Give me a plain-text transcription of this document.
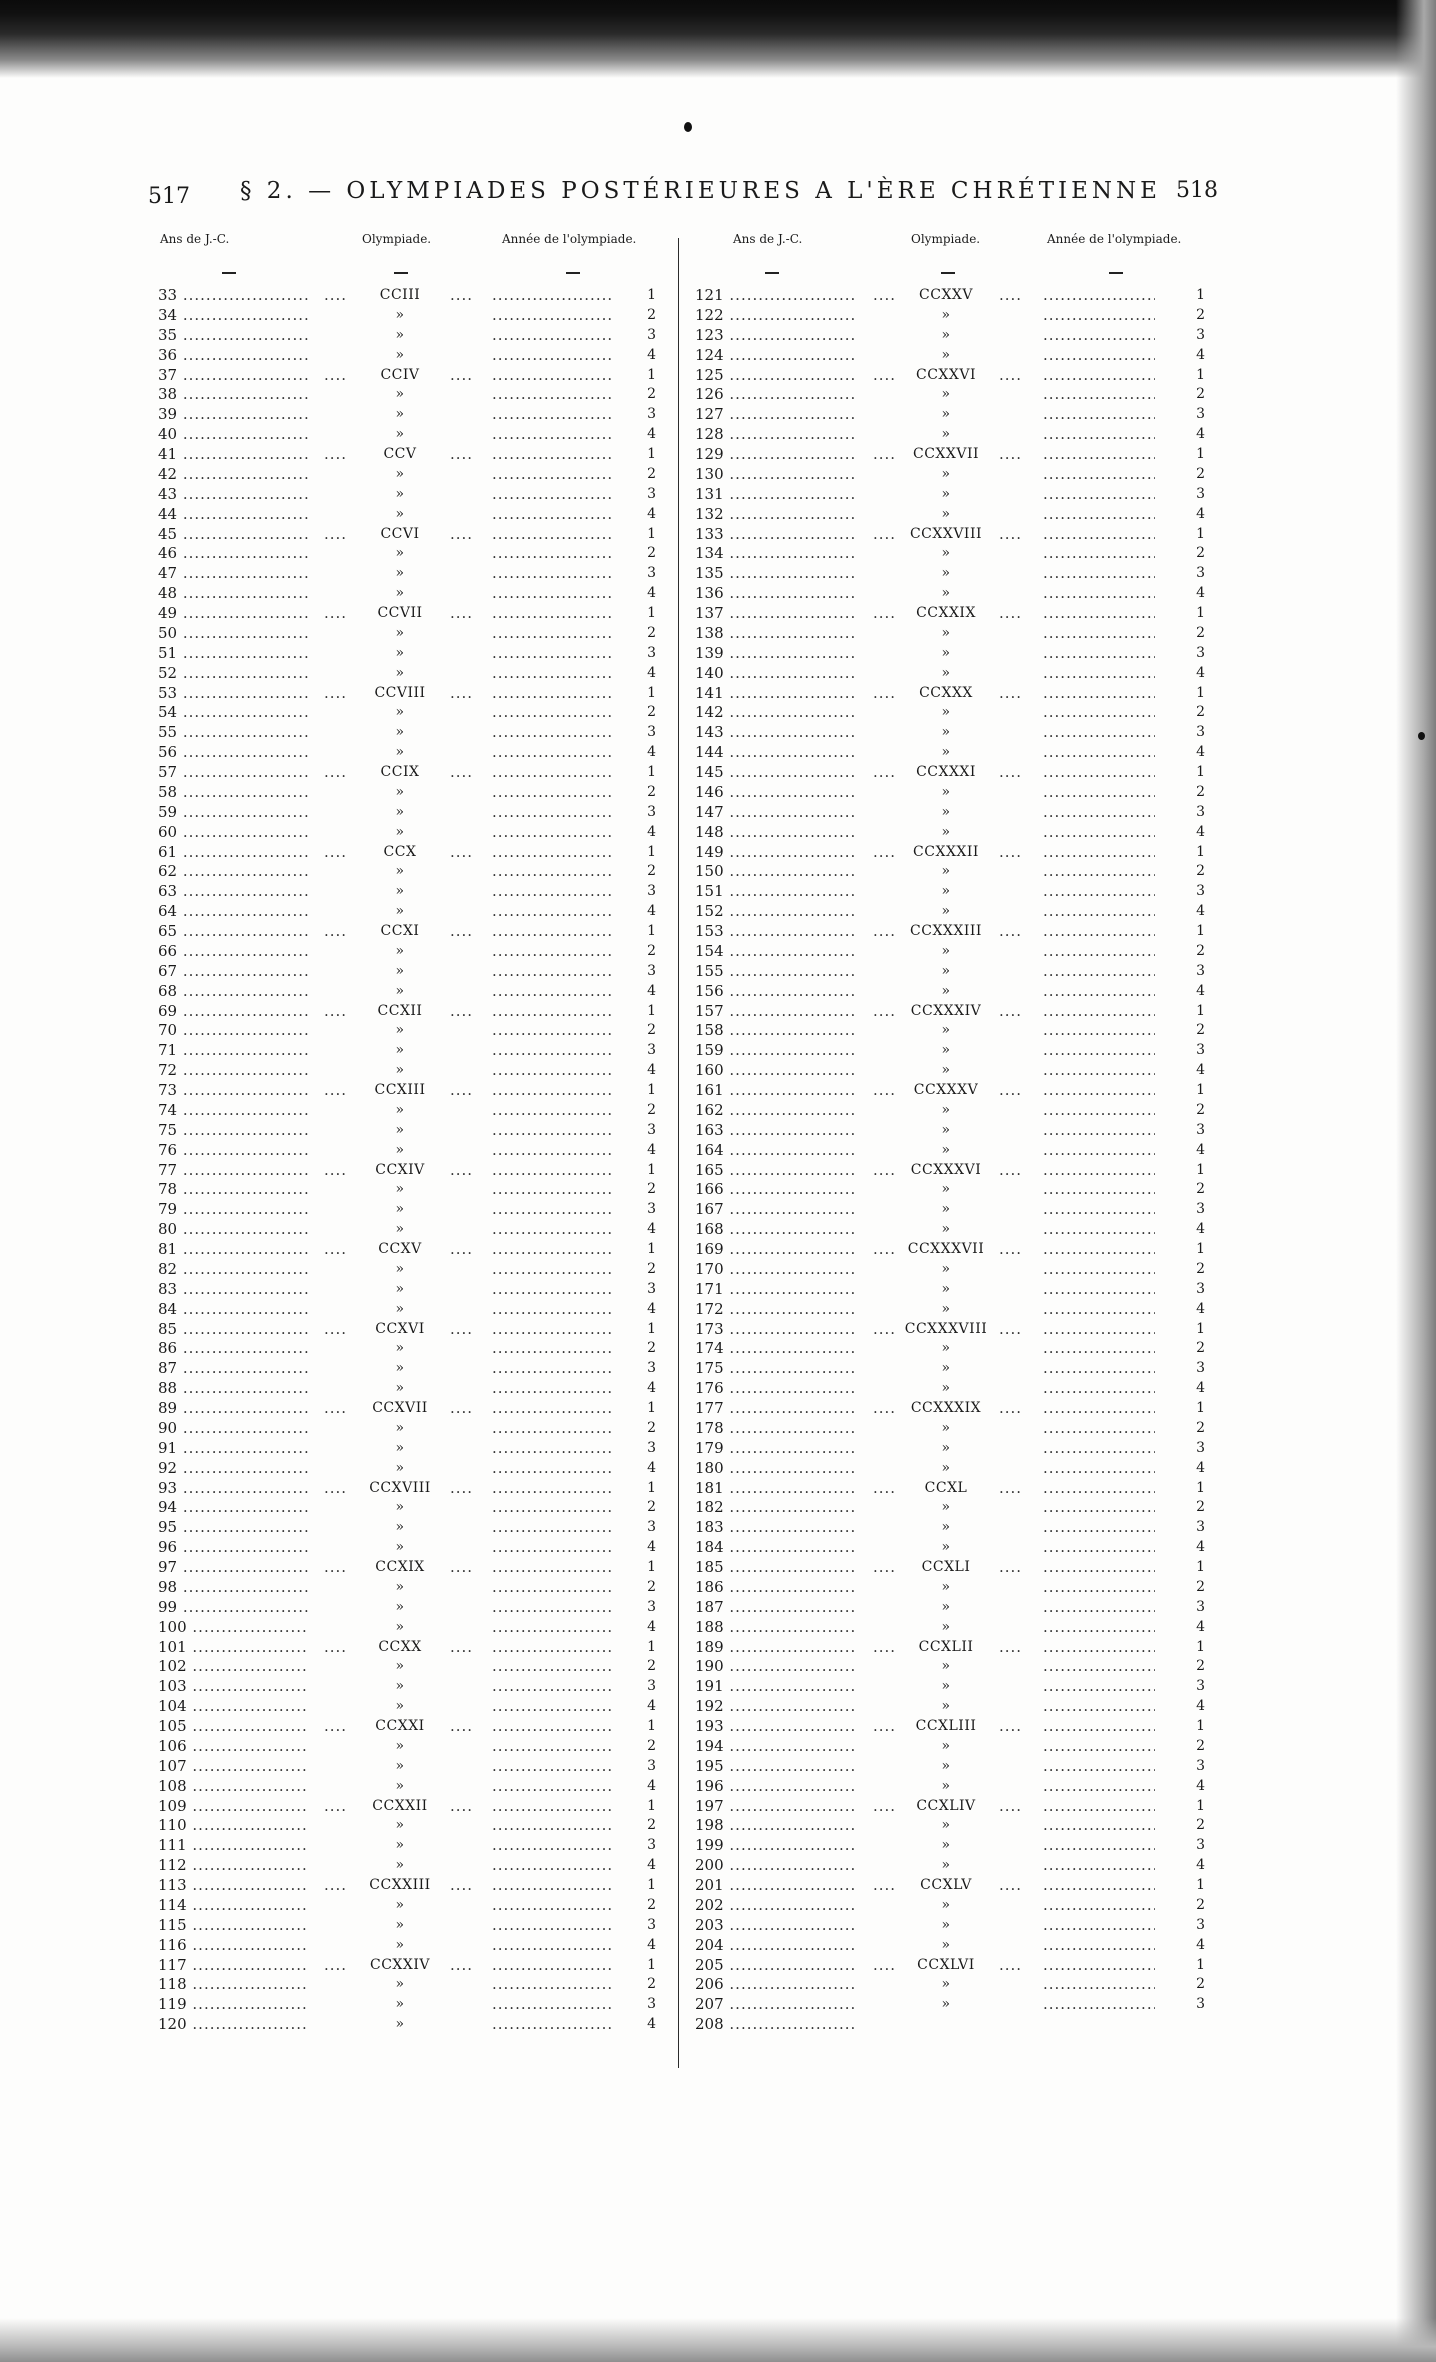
517 § 2. — OLYMPIADES POSTÉRIEURES A L'ÈRE CHRÉTIENNE 518
Ans de J.-C.	Olympiade.	Année de l'olympiade.
33 .....	....	CCIII	.... .....	1
34 .....	» .....	2
35 .....	» .....	3
36 .....	» .....	4
37 .....	....	CCIV	.... .....	1
38 .....	» .....	2
39 .....	» .....	3
40 .....	» .....	4
41 .....	....	CCV	.... .....	1
42 .....	» .....	2
43 .....	» .....	3
44 .....	» .....	4
45 .....	....	CCVI	.... .....	1
46 .....	» .....	2
47 .....	» .....	3
48 .....	» .....	4
49 .....	....	CCVII	.... .....	1
50 .....	» .....	2
51 .....	» .....	3
52 .....	» .....	4
53 .....	....	CCVIII	.... .....	1
54 .....	» .....	2
55 .....	» .....	3
56 .....	» .....	4
57 .....	....	CCIX	.... .....	1
58 .....	» .....	2
59 .....	» .....	3
60 .....	» .....	4
61 .....	....	CCX	.... .....	1
62 .....	» .....	2
63 .....	» .....	3
64 .....	» .....	4
65 .....	....	CCXI	.... .....	1
66 .....	» .....	2
67 .....	» .....	3
68 .....	» .....	4
69 .....	....	CCXII	.... .....	1
70 .....	» .....	2
71 .....	» .....	3
72 .....	» .....	4
73 .....	....	CCXIII	.... .....	1
74 .....	» .....	2
75 .....	» .....	3
76 .....	» .....	4
77 .....	....	CCXIV	.... .....	1
78 .....	» .....	2
79 .....	» .....	3
80 .....	» .....	4
81 .....	....	CCXV	.... .....	1
82 .....	» .....	2
83 .....	» .....	3
84 .....	» .....	4
85 .....	....	CCXVI	.... .....	1
86 .....	» .....	2
87 .....	» .....	3
88 .....	» .....	4
89 .....	....	CCXVII	.... .....	1
90 .....	» .....	2
91 .....	» .....	3
92 .....	» .....	4
93 .....	....	CCXVIII	.... .....	1
94 .....	» .....	2
95 .....	» .....	3
96 .....	» .....	4
97 .....	....	CCXIX	.... .....	1
98 .....	» .....	2
99 .....	» .....	3
100 .....	» .....	4
101 .....	....	CCXX	.... .....	1
102 .....	» .....	2
103 .....	» .....	3
104 .....	» .....	4
105 .....	....	CCXXI	.... .....	1
106 .....	» .....	2
107 .....	» .....	3
108 .....	» .....	4
109 .....	....	CCXXII	.... .....	1
110 .....	» .....	2
111 .....	» .....	3
112 .....	» .....	4
113 .....	....	CCXXIII	.... .....	1
114 .....	» .....	2
115 .....	» .....	3
116 .....	» .....	4
117 .....	....	CCXXIV	.... .....	1
118 .....	» .....	2
119 .....	» .....	3
120 .....	» .....	4
Ans de J.-C.	Olympiade.	Année de l'olympiade.
121 .....	....	CCXXV	.... .....	1
122 .....	» .....	2
123 .....	» .....	3
124 .....	» .....	4
125 .....	....	CCXXVI	.... .....	1
126 .....	» .....	2
127 .....	» .....	3
128 .....	» .....	4
129 .....	....	CCXXVII	.... .....	1
130 .....	» .....	2
131 .....	» .....	3
132 .....	» .....	4
133 .....	.... CCXXVIII	.... .....	1
134 .....	» .....	2
135 .....	» .....	3
136 .....	» .....	4
137 .....	....	CCXXIX	.... .....	1
138 .....	» .....	2
139 .....	» .....	3
140 .....	» .....	4
141 .....	....	CCXXX	.... .....	1
142 .....	» .....	2
143 .....	» .....	3
144 .....	» .....	4
145 .....	....	CCXXXI	.... .....	1
146 .....	» .....	2
147 .....	» .....	3
148 .....	» .....	4
149 .....	....	CCXXXII	.... .....	1
150 .....	» .....	2
151 .....	» .....	3
152 .....	» .....	4
153 .....	.... CCXXXIII	.... .....	1
154 .....	» .....	2
155 .....	» .....	3
156 .....	» .....	4
157 .....	....	CCXXXIV	.... .....	1
158 .....	» .....	2
159 .....	» .....	3
160 .....	» .....	4
161 .....	....	CCXXXV	.... .....	1
162 .....	» .....	2
163 .....	» .....	3
164 .....	» .....	4
165 .....	....	CCXXXVI	.... .....	1
166 .....	» .....	2
167 .....	» .....	3
168 .....	» .....	4
169 .....	.... CCXXXVII .... .....	1
170 .....	» .....	2
171 .....	» .....	3
172 .....	» .....	4
173 .....	.... CCXXXVIII .... .....	1
174 .....	» .....	2
175 .....	» .....	3
176 .....	» .....	4
177 .....	....	CCXXXIX	.... .....	1
178 .....	» .....	2
179 .....	» .....	3
180 .....	» .....	4
181 .....	....	CCXL	.... .....	1
182 .....	» .....	2
183 .....	» .....	3
184 .....	» .....	4
185 .....	....	CCXLI	.... .....	1
186 .....	» .....	2
187 .....	» .....	3
188 .....	» .....	4
189 .....	....	CCXLII	.... .....	1
190 .....	» .....	2
191 .....	» .....	3
192 .....	» .....	4
193 .....	....	CCXLIII	.... .....	1
194 .....	» .....	2
195 .....	» .....	3
196 .....	» .....	4
197 .....	....	CCXLIV	.... .....	1
198 .....	» .....	2
199 .....	» .....	3
200 .....	» .....	4
201 .....	....	CCXLV	.... .....	1
202 .....	» .....	2
203 .....	» .....	3
204 .....	» .....	4
205 .....	....	CCXLVI	.... .....	1
206 .....	» .....	2
207 .....	» .....	3
208 .....
